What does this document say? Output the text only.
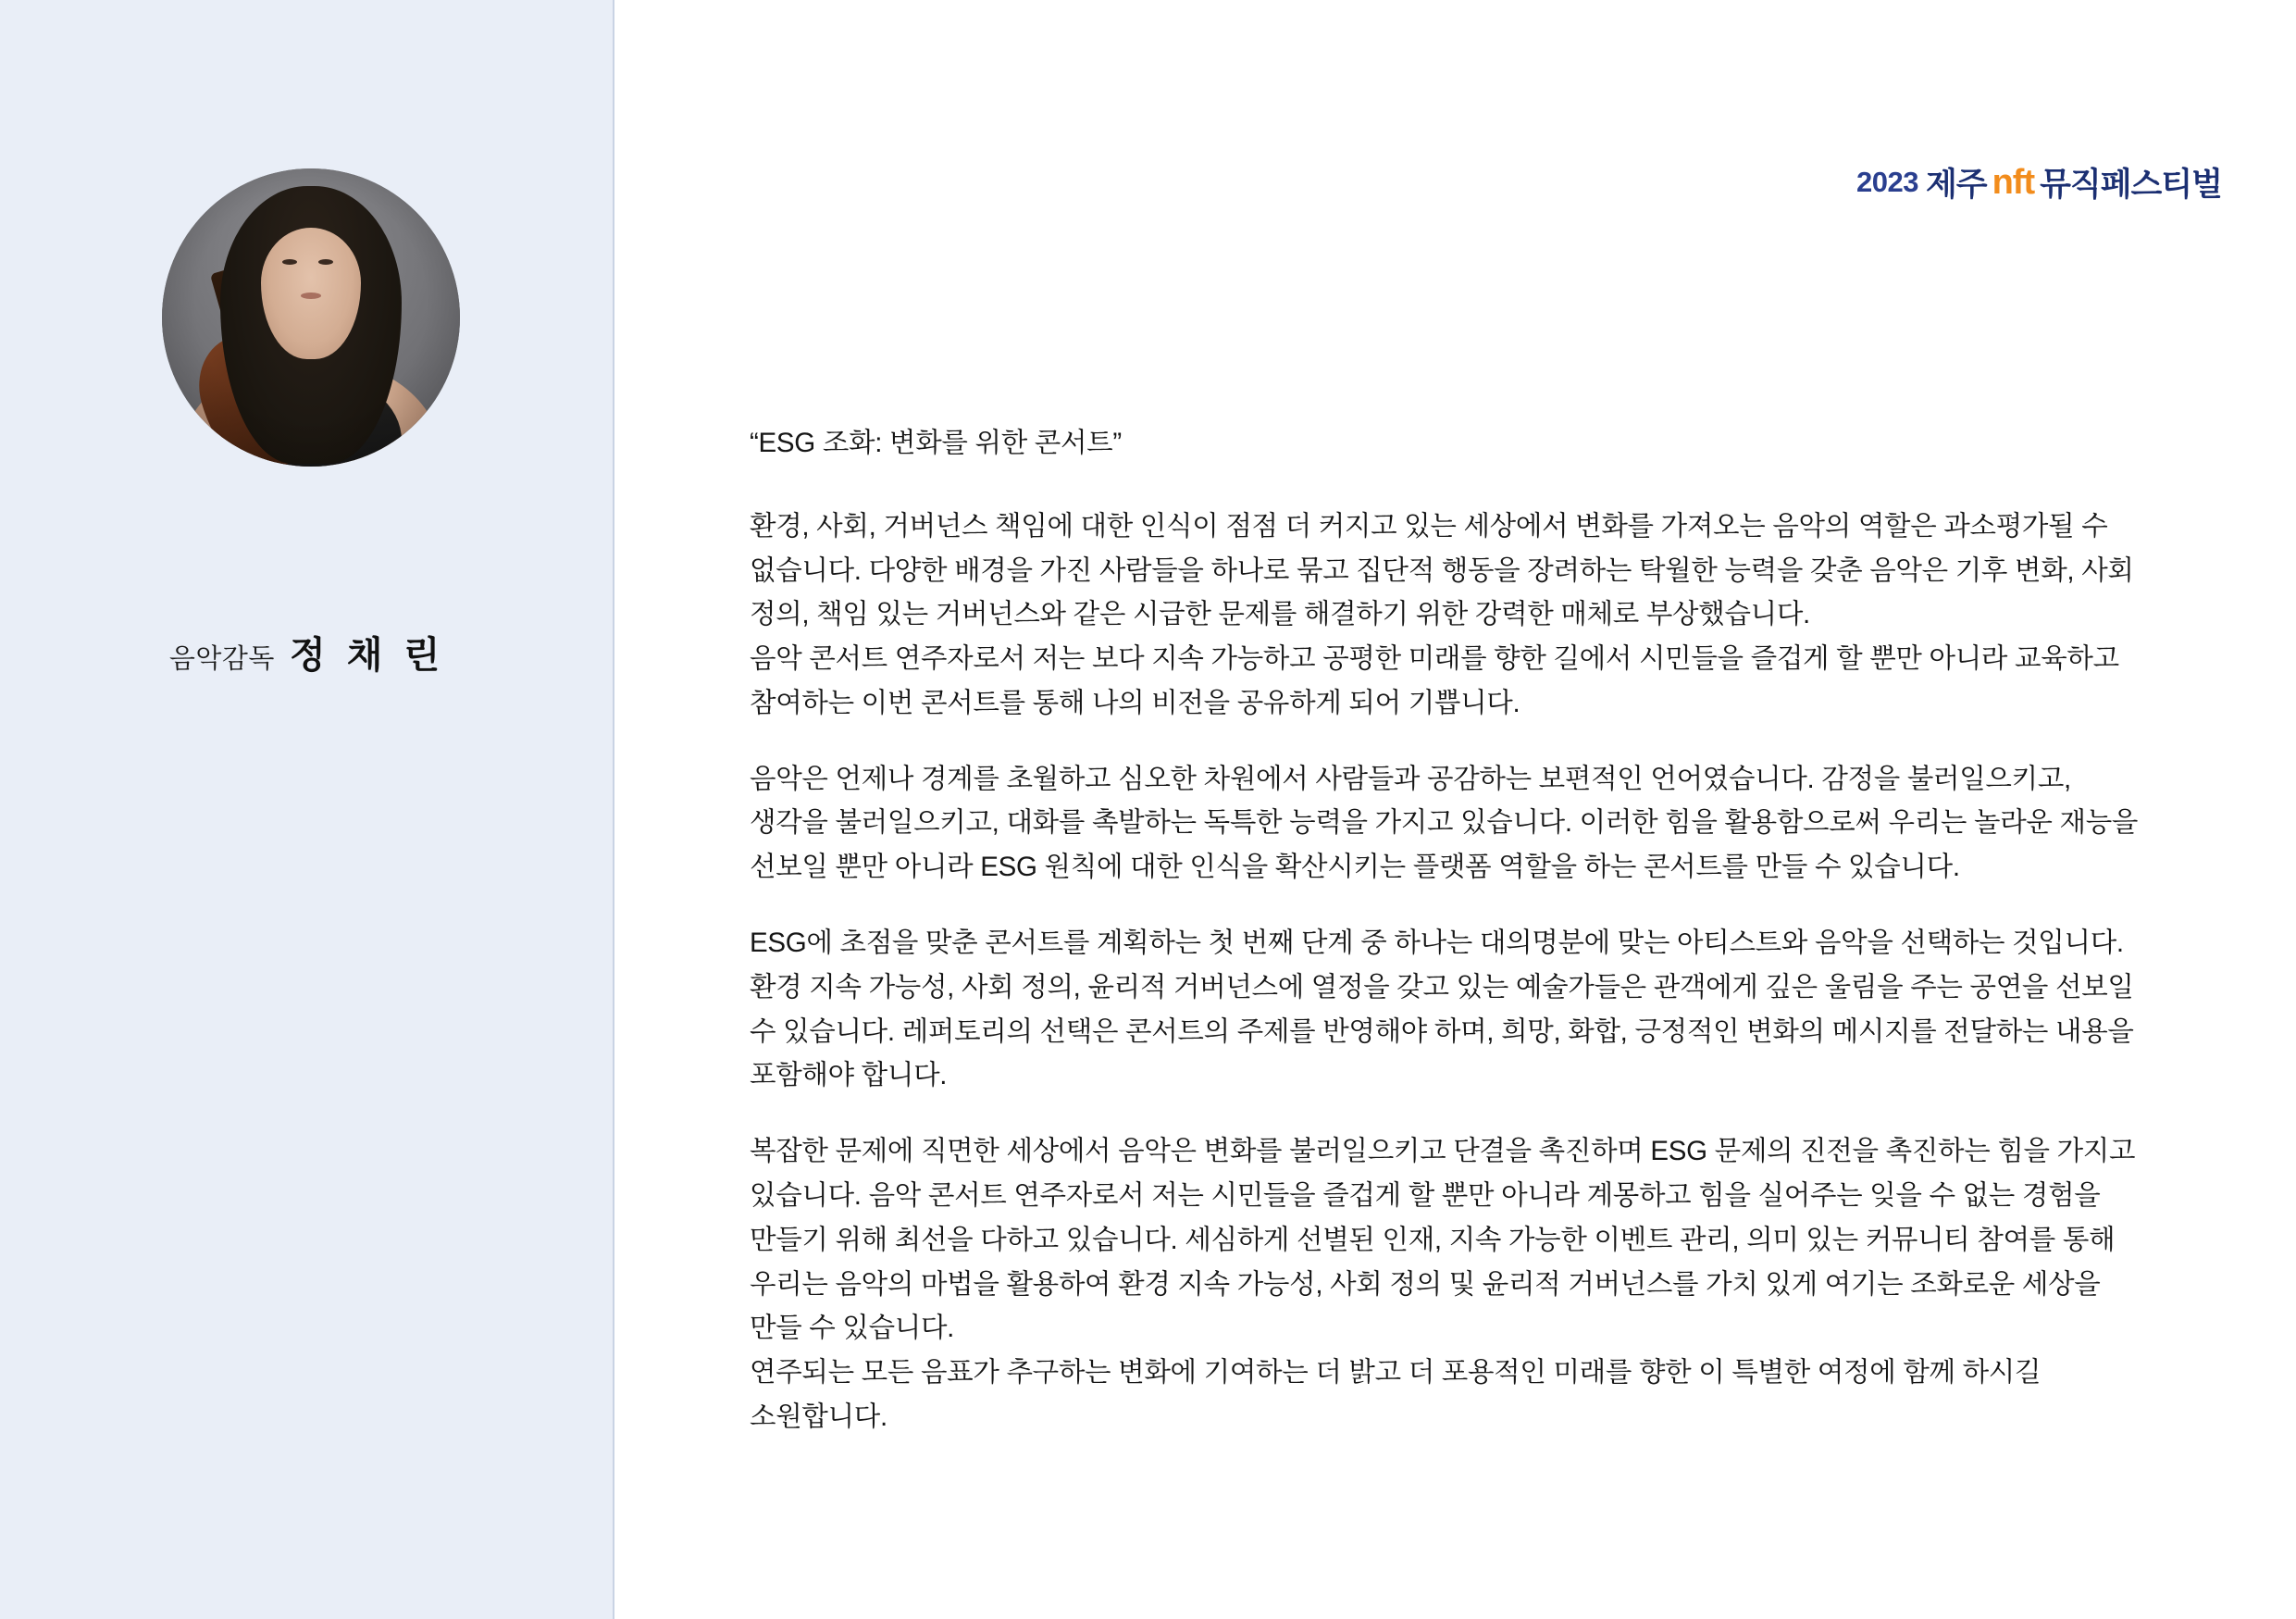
음악감독 정 채 린
2023 제주 nft 뮤직페스티벌

“ESG 조화: 변화를 위한 콘서트”

환경, 사회, 거버넌스 책임에 대한 인식이 점점 더 커지고 있는 세상에서 변화를 가져오는 음악의 역할은 과소평가될 수 없습니다. 다양한 배경을 가진 사람들을 하나로 묶고 집단적 행동을 장려하는 탁월한 능력을 갖춘 음악은 기후 변화, 사회 정의, 책임 있는 거버넌스와 같은 시급한 문제를 해결하기 위한 강력한 매체로 부상했습니다.

음악 콘서트 연주자로서 저는 보다 지속 가능하고 공평한 미래를 향한 길에서 시민들을 즐겁게 할 뿐만 아니라 교육하고 참여하는 이번 콘서트를 통해 나의 비전을 공유하게 되어 기쁩니다.

음악은 언제나 경계를 초월하고 심오한 차원에서 사람들과 공감하는 보편적인 언어였습니다. 감정을 불러일으키고, 생각을 불러일으키고, 대화를 촉발하는 독특한 능력을 가지고 있습니다. 이러한 힘을 활용함으로써 우리는 놀라운 재능을 선보일 뿐만 아니라 ESG 원칙에 대한 인식을 확산시키는 플랫폼 역할을 하는 콘서트를 만들 수 있습니다.

ESG에 초점을 맞춘 콘서트를 계획하는 첫 번째 단계 중 하나는 대의명분에 맞는 아티스트와 음악을 선택하는 것입니다. 환경 지속 가능성, 사회 정의, 윤리적 거버넌스에 열정을 갖고 있는 예술가들은 관객에게 깊은 울림을 주는 공연을 선보일 수 있습니다. 레퍼토리의 선택은 콘서트의 주제를 반영해야 하며, 희망, 화합, 긍정적인 변화의 메시지를 전달하는 내용을 포함해야 합니다.

복잡한 문제에 직면한 세상에서 음악은 변화를 불러일으키고 단결을 촉진하며 ESG 문제의 진전을 촉진하는 힘을 가지고 있습니다. 음악 콘서트 연주자로서 저는 시민들을 즐겁게 할 뿐만 아니라 계몽하고 힘을 실어주는 잊을 수 없는 경험을 만들기 위해 최선을 다하고 있습니다. 세심하게 선별된 인재, 지속 가능한 이벤트 관리, 의미 있는 커뮤니티 참여를 통해 우리는 음악의 마법을 활용하여 환경 지속 가능성, 사회 정의 및 윤리적 거버넌스를 가치 있게 여기는 조화로운 세상을 만들 수 있습니다.

연주되는 모든 음표가 추구하는 변화에 기여하는 더 밝고 더 포용적인 미래를 향한 이 특별한 여정에 함께 하시길 소원합니다.
